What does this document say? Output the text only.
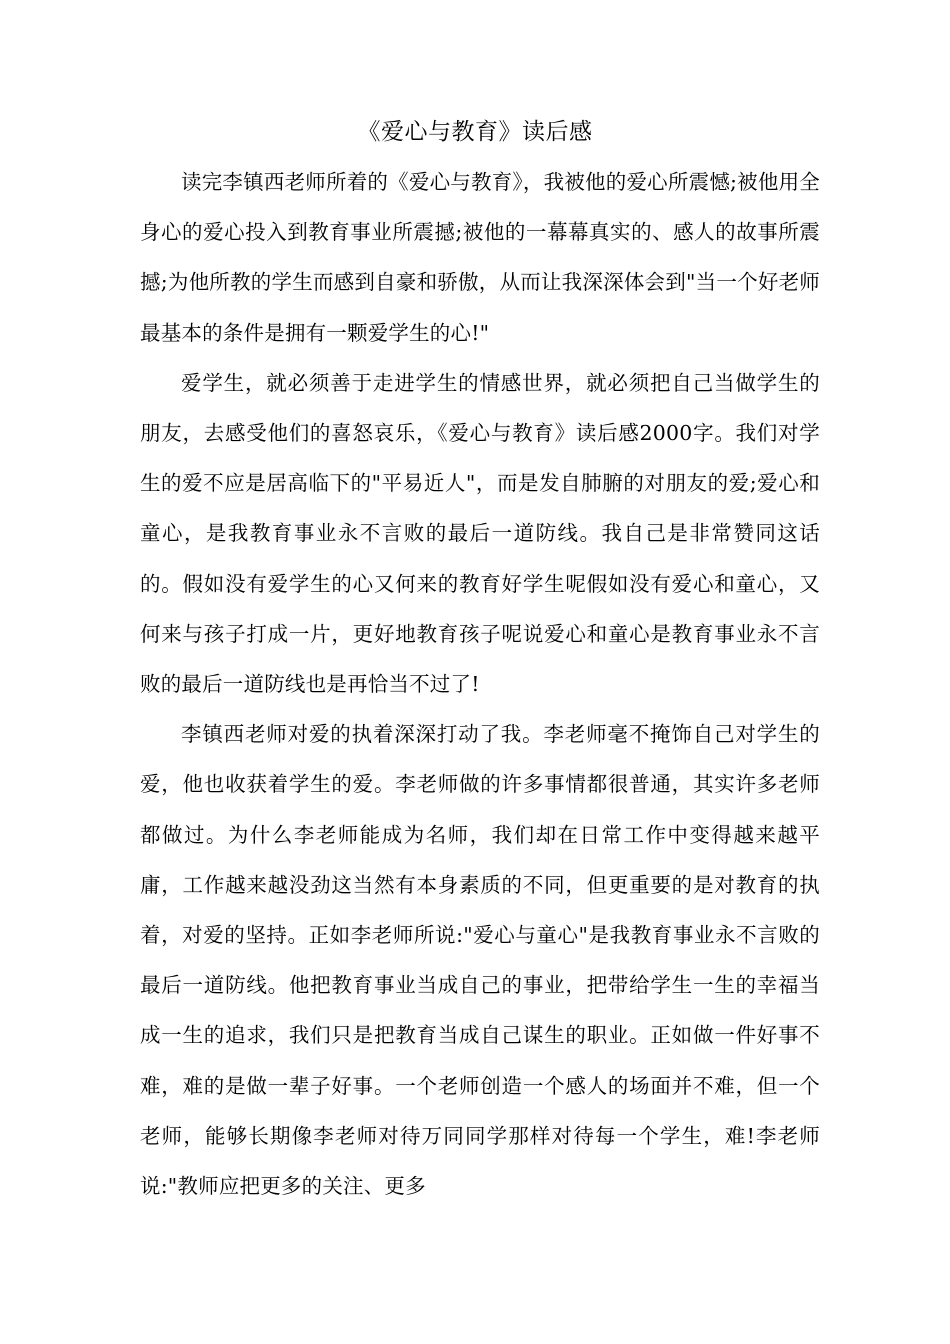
《爱心与教育》读后感

读完李镇西老师所着的《爱心与教育》，我被他的爱心所震憾;被他用全身心的爱心投入到教育事业所震撼;被他的一幕幕真实的、感人的故事所震撼;为他所教的学生而感到自豪和骄傲，从而让我深深体会到"当一个好老师最基本的条件是拥有一颗爱学生的心!"

爱学生，就必须善于走进学生的情感世界，就必须把自己当做学生的朋友，去感受他们的喜怒哀乐，《爱心与教育》读后感2000字。我们对学生的爱不应是居高临下的"平易近人"，而是发自肺腑的对朋友的爱;爱心和童心，是我教育事业永不言败的最后一道防线。我自己是非常赞同这话的。假如没有爱学生的心又何来的教育好学生呢假如没有爱心和童心，又何来与孩子打成一片，更好地教育孩子呢说爱心和童心是教育事业永不言败的最后一道防线也是再恰当不过了!

李镇西老师对爱的执着深深打动了我。李老师毫不掩饰自己对学生的爱，他也收获着学生的爱。李老师做的许多事情都很普通，其实许多老师都做过。为什么李老师能成为名师，我们却在日常工作中变得越来越平庸，工作越来越没劲这当然有本身素质的不同，但更重要的是对教育的执着，对爱的坚持。正如李老师所说:"爱心与童心"是我教育事业永不言败的最后一道防线。他把教育事业当成自己的事业，把带给学生一生的幸福当成一生的追求，我们只是把教育当成自己谋生的职业。正如做一件好事不难，难的是做一辈子好事。一个老师创造一个感人的场面并不难，但一个老师，能够长期像李老师对待万同同学那样对待每一个学生，难!李老师说:"教师应把更多的关注、更多
